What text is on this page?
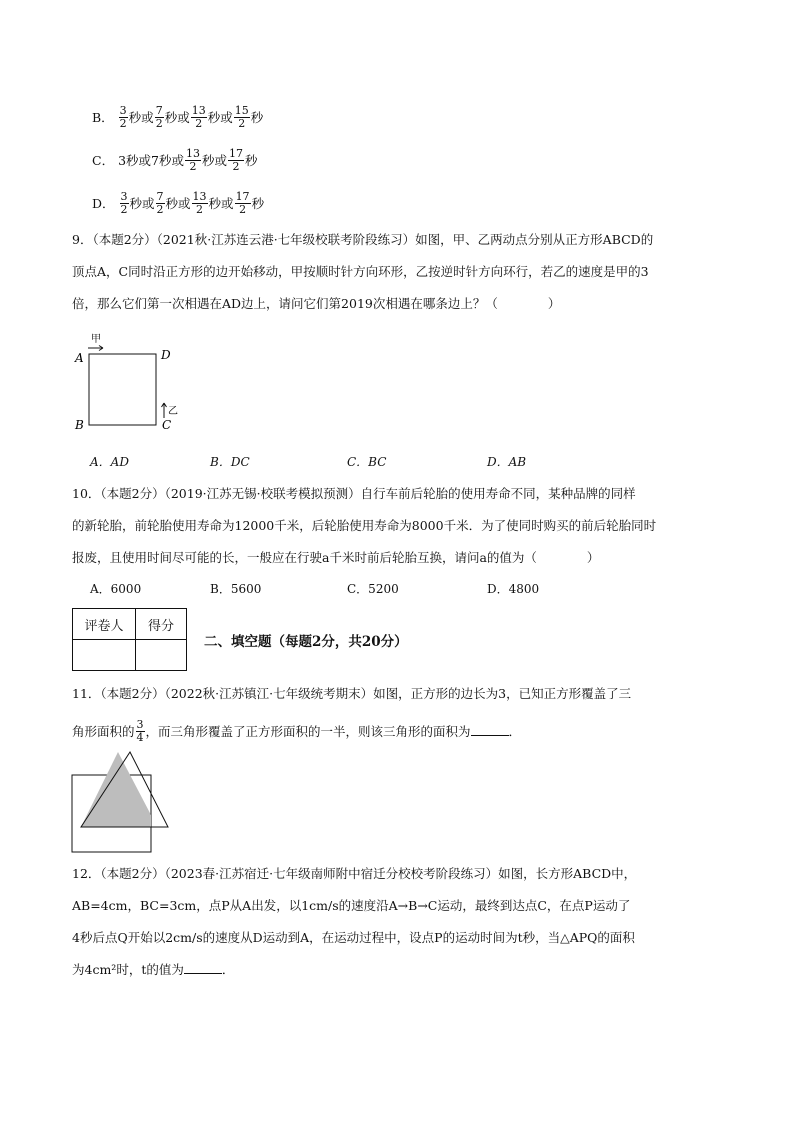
B． $\frac{3}{2}$ 秒或 $\frac{7}{2}$ 秒或 $\frac{13}{2}$ 秒或 $\frac{15}{2}$ 秒
C． 3秒或7秒或 $\frac{13}{2}$ 秒或 $\frac{17}{2}$ 秒
D． $\frac{3}{2}$ 秒或 $\frac{7}{2}$ 秒或 $\frac{13}{2}$ 秒或 $\frac{17}{2}$ 秒
9．（本题2分）（2021秋·江苏连云港·七年级校联考阶段练习）如图，甲、乙两动点分别从正方形ABCD的
顶点A，C同时沿正方形的边开始移动，甲按顺时针方向环形，乙按逆时针方向环行，若乙的速度是甲的3
倍，那么它们第一次相遇在AD边上，请问它们第2019次相遇在哪条边上？（　　　　）
A	D
B	C
甲
乙
A．AD	B．DC	C．BC	D．AB
10．（本题2分）（2019·江苏无锡·校联考模拟预测）自行车前后轮胎的使用寿命不同，某种品牌的同样
的新轮胎，前轮胎使用寿命为12000千米，后轮胎使用寿命为8000千米．为了使同时购买的前后轮胎同时
报废，且使用时间尽可能的长，一般应在行驶a千米时前后轮胎互换，请问a的值为（　　　　）
A．6000	B．5600	C．5200	D．4800
评卷人	得分

二、填空题（每题2分，共20分）
11．（本题2分）（2022秋·江苏镇江·七年级统考期末）如图，正方形的边长为3，已知正方形覆盖了三
角形面积的 $\frac{3}{4}$ ，而三角形覆盖了正方形面积的一半，则该三角形的面积为	．
12．（本题2分）（2023春·江苏宿迁·七年级南师附中宿迁分校校考阶段练习）如图，长方形ABCD中，
AB=4cm，BC=3cm，点P从A出发，以1cm/s的速度沿A→B→C运动，最终到达点C，在点P运动了
4秒后点Q开始以2cm/s的速度从D运动到A，在运动过程中，设点P的运动时间为t秒，当△APQ的面积
为4cm²时，t的值为	．
